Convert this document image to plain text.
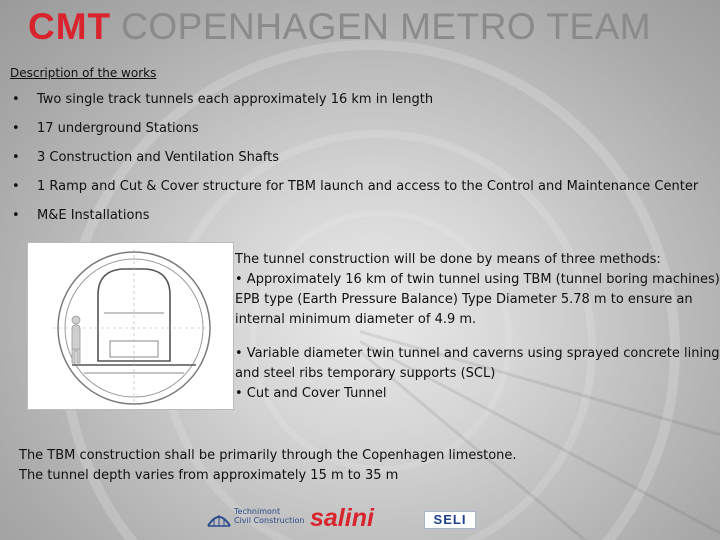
CMT COPENHAGEN METRO TEAM
Description of the works
• Two single track tunnels each approximately 16 km in length
• 17 underground Stations
• 3 Construction and Ventilation Shafts
• 1 Ramp and Cut & Cover structure for TBM launch and access to the Control and Maintenance Center
• M&E Installations

The tunnel construction will be done by means of three methods:

• Approximately 16 km of twin tunnel using TBM (tunnel boring machines) EPB type (Earth Pressure Balance) Type Diameter 5.78 m to ensure an internal minimum diameter of 4.9 m.

• Variable diameter twin tunnel and caverns using sprayed concrete lining and steel ribs temporary supports (SCL)

• Cut and Cover Tunnel

The TBM construction shall be primarily through the Copenhagen limestone.
The tunnel depth varies from approximately 15 m to 35 m
Technimont
Civil Construction salini	SELI
